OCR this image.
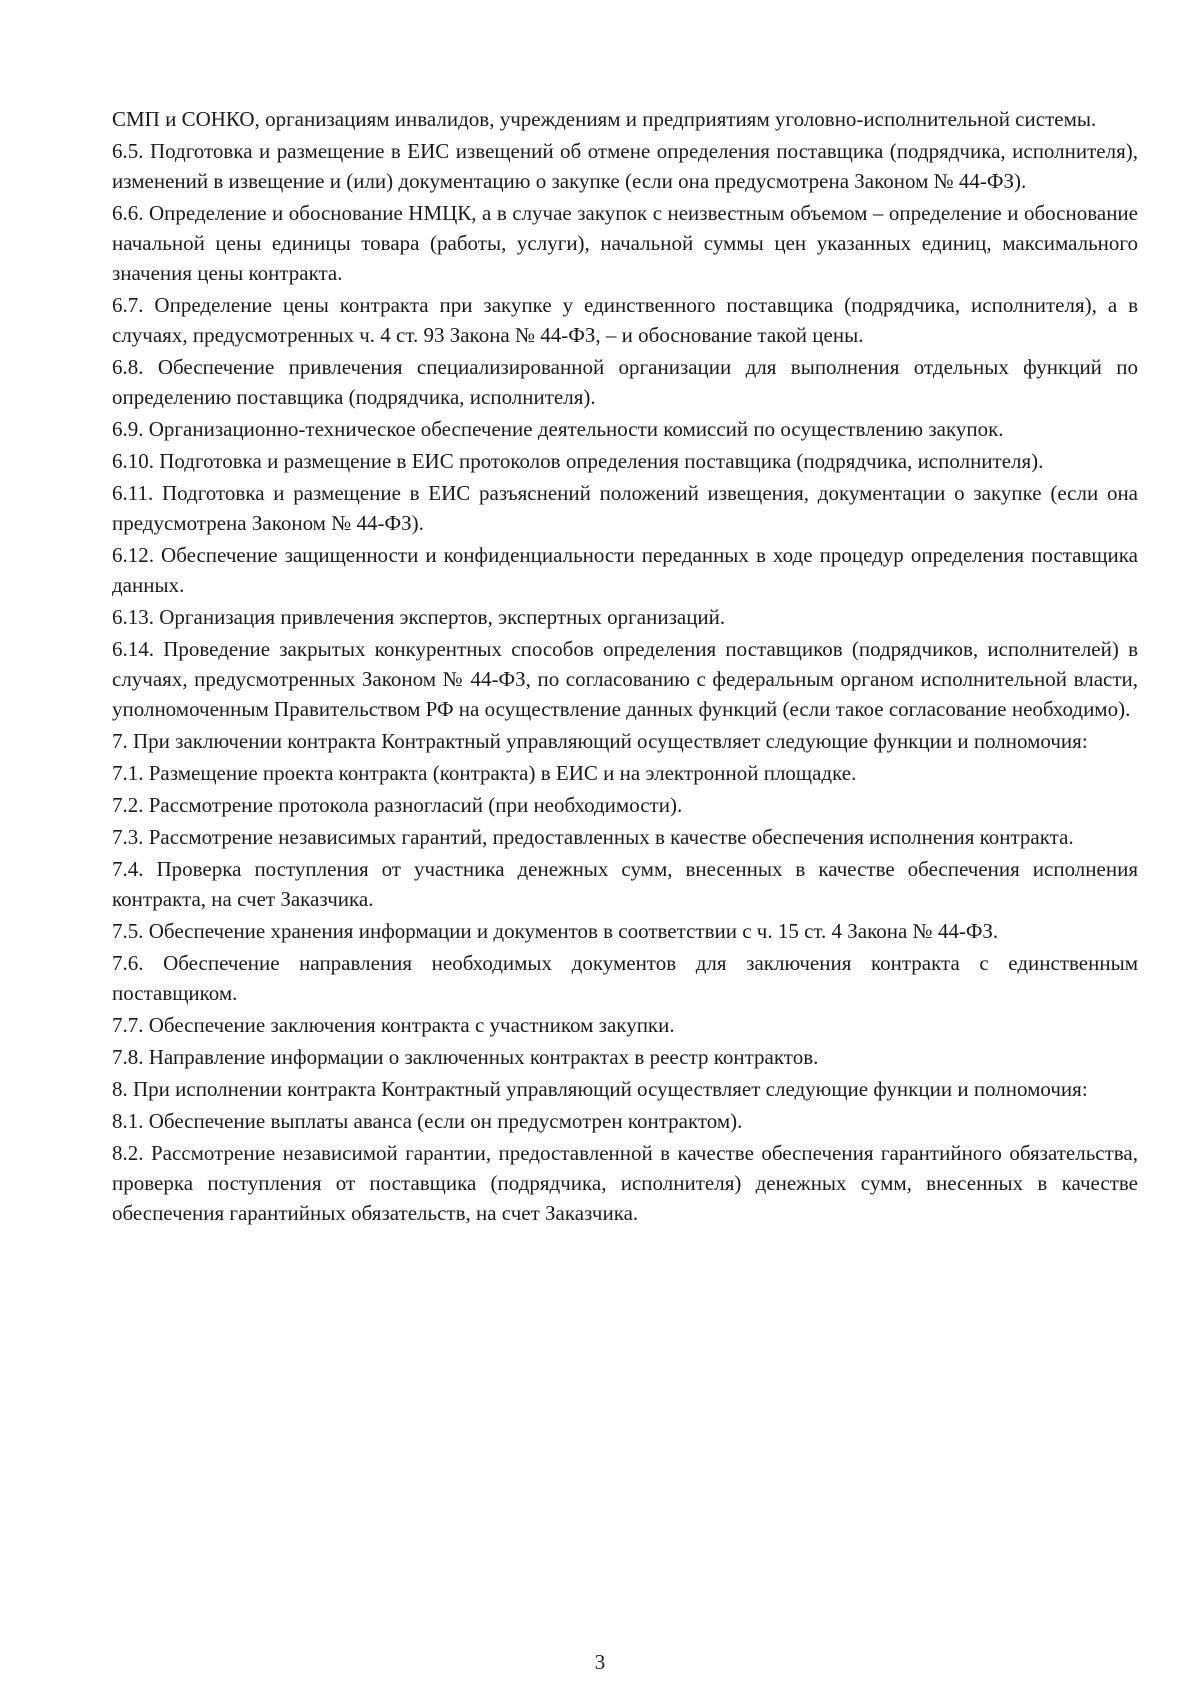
СМП и СОНКО, организациям инвалидов, учреждениям и предприятиям уголовно-исполнительной системы.

6.5. Подготовка и размещение в ЕИС извещений об отмене определения поставщика (подрядчика, исполнителя), изменений в извещение и (или) документацию о закупке (если она предусмотрена Законом № 44-ФЗ).

6.6. Определение и обоснование НМЦК, а в случае закупок с неизвестным объемом – определение и обоснование начальной цены единицы товара (работы, услуги), начальной суммы цен указанных единиц, максимального значения цены контракта.

6.7. Определение цены контракта при закупке у единственного поставщика (подрядчика, исполнителя), а в случаях, предусмотренных ч. 4 ст. 93 Закона № 44-ФЗ, – и обоснование такой цены.

6.8. Обеспечение привлечения специализированной организации для выполнения отдельных функций по определению поставщика (подрядчика, исполнителя).

6.9. Организационно-техническое обеспечение деятельности комиссий по осуществлению закупок.

6.10. Подготовка и размещение в ЕИС протоколов определения поставщика (подрядчика, исполнителя).

6.11. Подготовка и размещение в ЕИС разъяснений положений извещения, документации о закупке (если она предусмотрена Законом № 44-ФЗ).

6.12. Обеспечение защищенности и конфиденциальности переданных в ходе процедур определения поставщика данных.

6.13. Организация привлечения экспертов, экспертных организаций.

6.14. Проведение закрытых конкурентных способов определения поставщиков (подрядчиков, исполнителей) в случаях, предусмотренных Законом № 44-ФЗ, по согласованию с федеральным органом исполнительной власти, уполномоченным Правительством РФ на осуществление данных функций (если такое согласование необходимо).

7. При заключении контракта Контрактный управляющий осуществляет следующие функции и полномочия:

7.1. Размещение проекта контракта (контракта) в ЕИС и на электронной площадке.

7.2. Рассмотрение протокола разногласий (при необходимости).

7.3. Рассмотрение независимых гарантий, предоставленных в качестве обеспечения исполнения контракта.

7.4. Проверка поступления от участника денежных сумм, внесенных в качестве обеспечения исполнения контракта, на счет Заказчика.

7.5. Обеспечение хранения информации и документов в соответствии с ч. 15 ст. 4 Закона № 44-ФЗ.

7.6. Обеспечение направления необходимых документов для заключения контракта с единственным поставщиком.

7.7. Обеспечение заключения контракта с участником закупки.

7.8. Направление информации о заключенных контрактах в реестр контрактов.

8. При исполнении контракта Контрактный управляющий осуществляет следующие функции и полномочия:

8.1. Обеспечение выплаты аванса (если он предусмотрен контрактом).

8.2. Рассмотрение независимой гарантии, предоставленной в качестве обеспечения гарантийного обязательства, проверка поступления от поставщика (подрядчика, исполнителя) денежных сумм, внесенных в качестве обеспечения гарантийных обязательств, на счет Заказчика.

3
